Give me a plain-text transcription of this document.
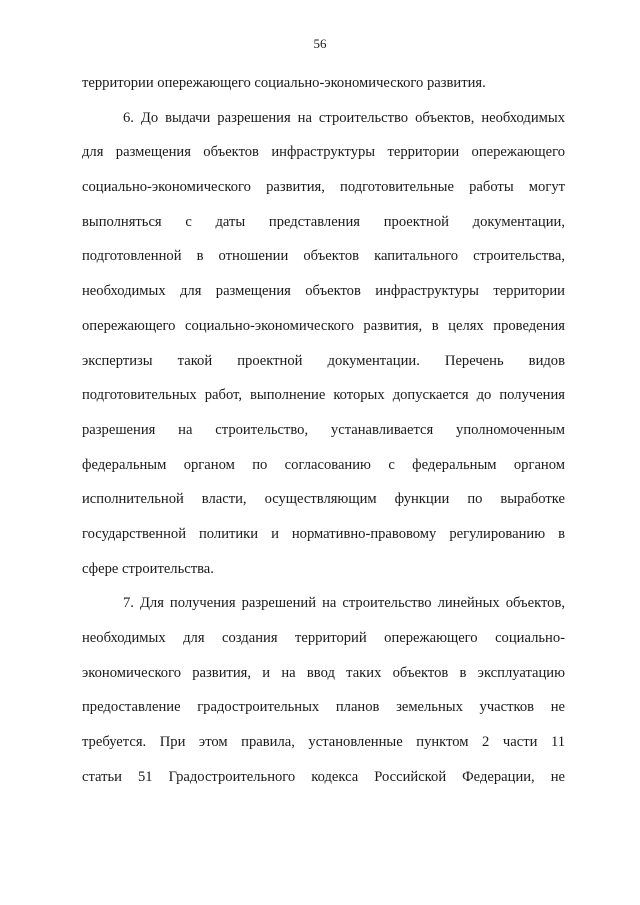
56
территории опережающего социально-экономического развития.
6. До выдачи разрешения на строительство объектов, необходимых
для размещения объектов инфраструктуры территории опережающего
социально-экономического развития, подготовительные работы могут
выполняться с даты представления проектной документации,
подготовленной в отношении объектов капитального строительства,
необходимых для размещения объектов инфраструктуры территории
опережающего социально-экономического развития, в целях проведения
экспертизы такой проектной документации. Перечень видов
подготовительных работ, выполнение которых допускается до получения
разрешения на строительство, устанавливается уполномоченным
федеральным органом по согласованию с федеральным органом
исполнительной власти, осуществляющим функции по выработке
государственной политики и нормативно-правовому регулированию в
сфере строительства.
7. Для получения разрешений на строительство линейных объектов,
необходимых для создания территорий опережающего социально-
экономического развития, и на ввод таких объектов в эксплуатацию
предоставление градостроительных планов земельных участков не
требуется. При этом правила, установленные пунктом 2 части 11
статьи 51 Градостроительного кодекса Российской Федерации, не
